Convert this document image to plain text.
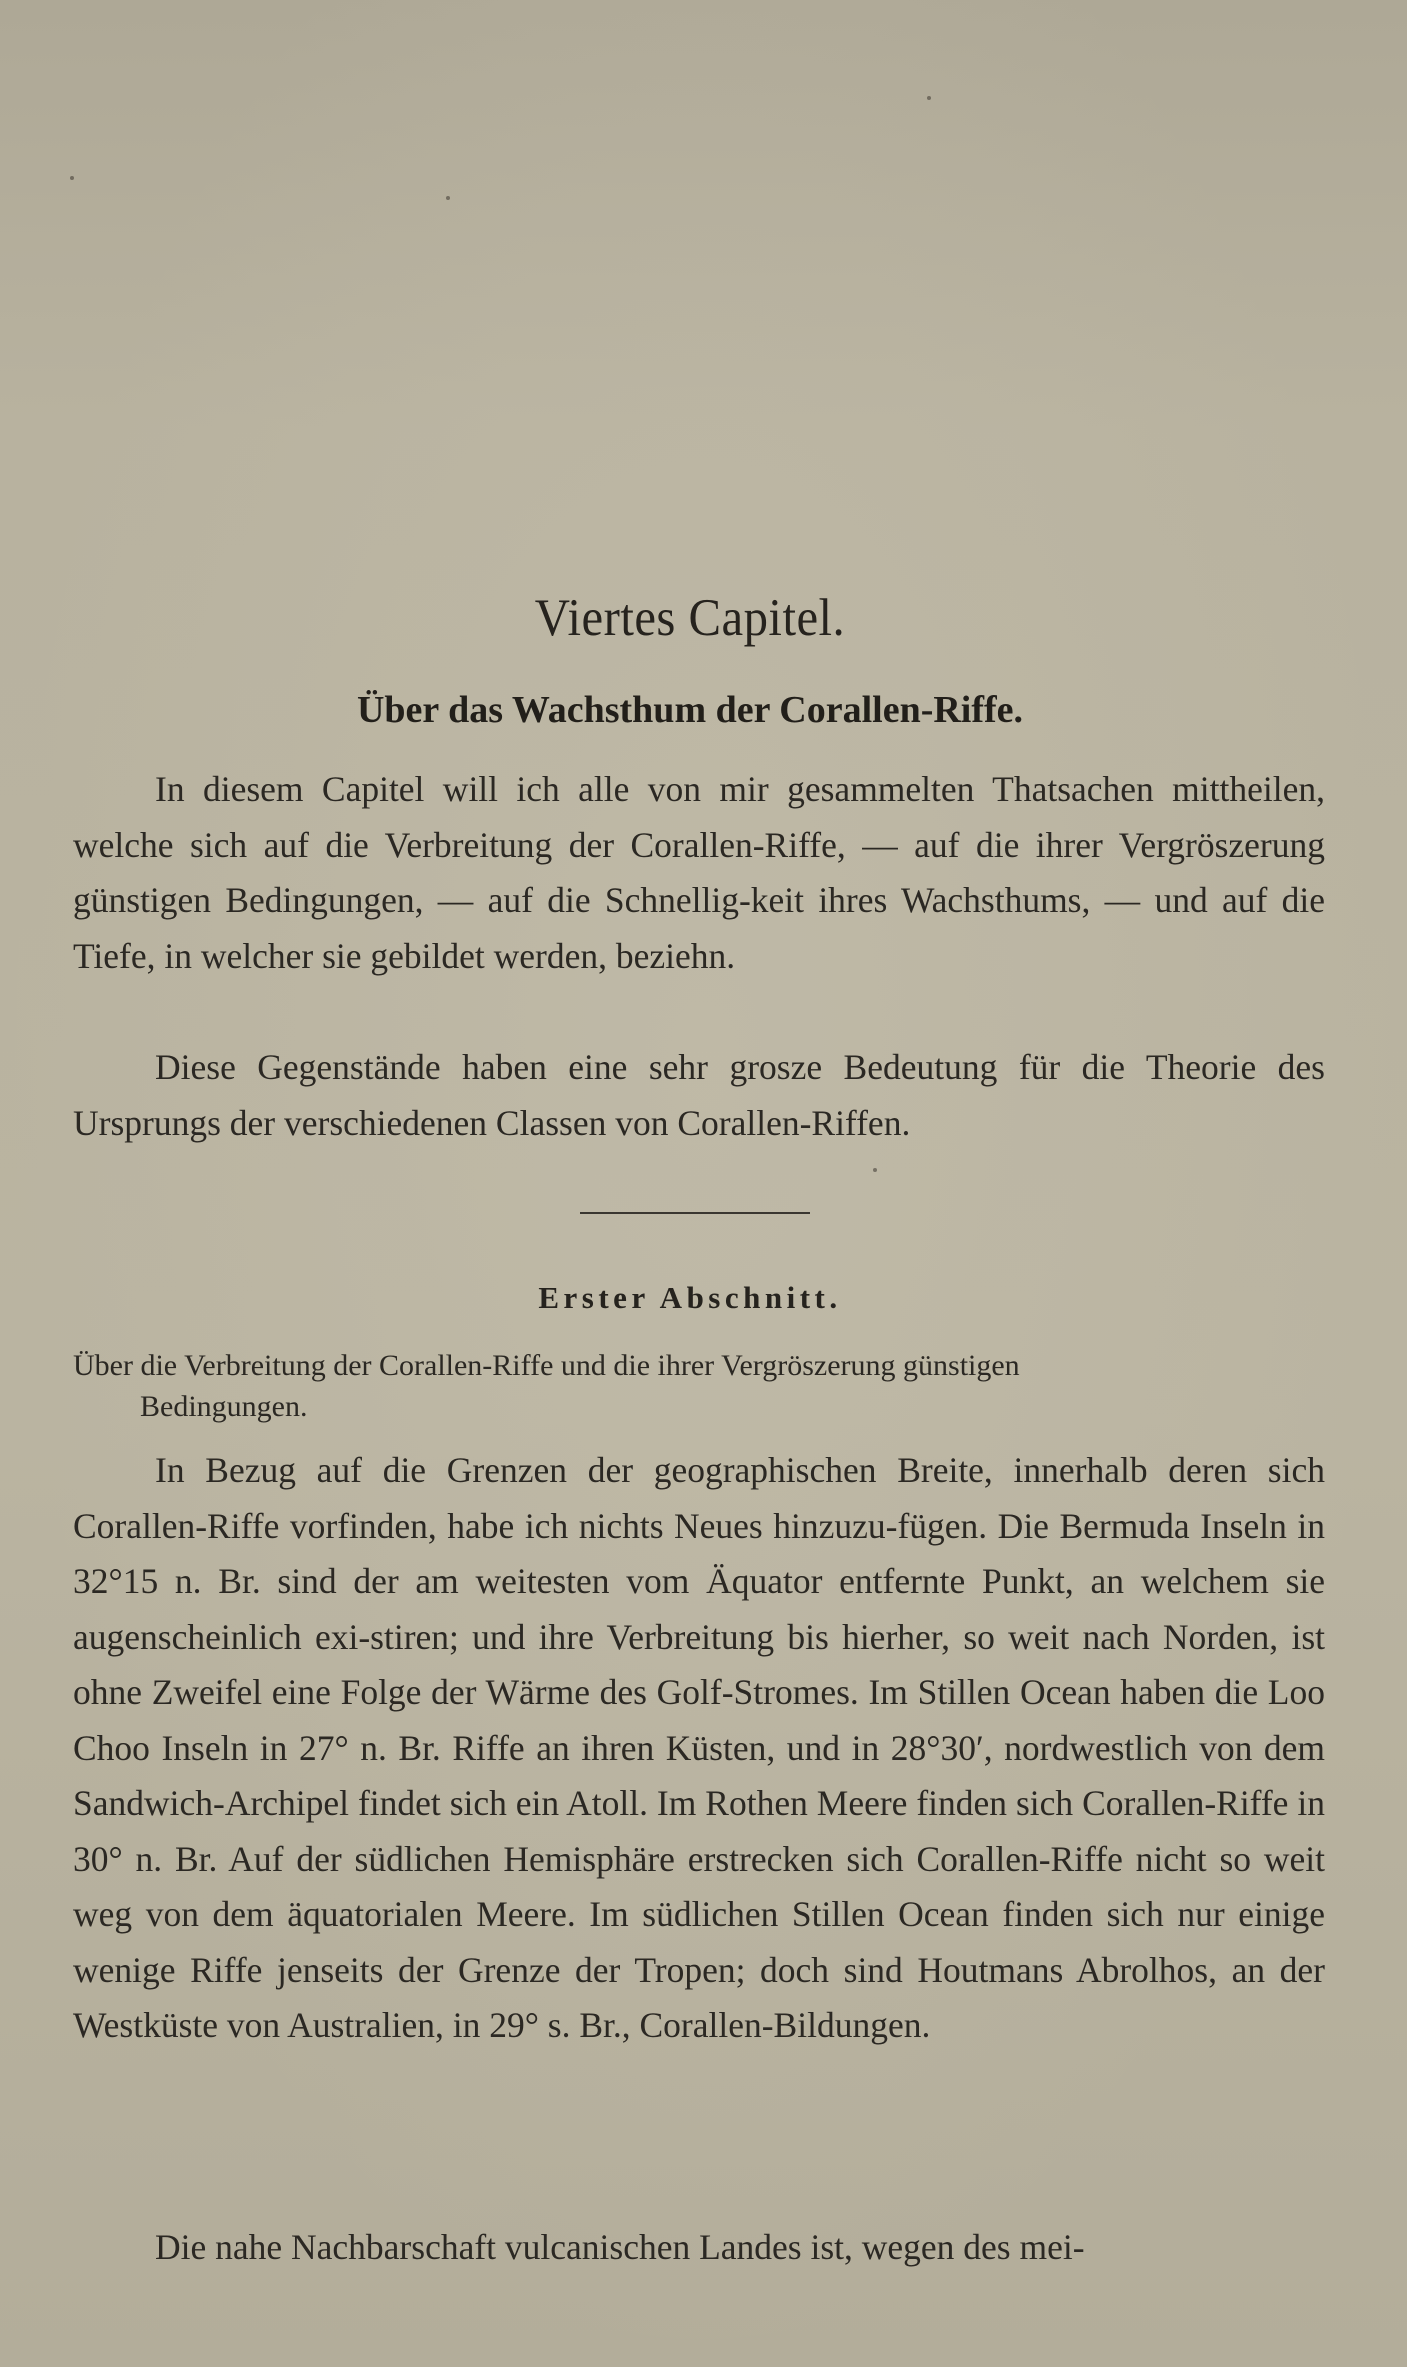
Viertes Capitel.
Über das Wachsthum der Corallen-Riffe.

In diesem Capitel will ich alle von mir gesammelten Thatsachen mittheilen, welche sich auf die Verbreitung der Corallen-Riffe, — auf die ihrer Vergröszerung günstigen Bedingungen, — auf die Schnellig-keit ihres Wachsthums, — und auf die Tiefe, in welcher sie gebildet werden, beziehn.

Diese Gegenstände haben eine sehr grosze Bedeutung für die Theorie des Ursprungs der verschiedenen Classen von Corallen-Riffen.

Erster Abschnitt.
Über die Verbreitung der Corallen-Riffe und die ihrer Vergröszerung günstigen
Bedingungen.

In Bezug auf die Grenzen der geographischen Breite, innerhalb deren sich Corallen-Riffe vorfinden, habe ich nichts Neues hinzuzu-fügen. Die Bermuda Inseln in 32°15 n. Br. sind der am weitesten vom Äquator entfernte Punkt, an welchem sie augenscheinlich exi-stiren; und ihre Verbreitung bis hierher, so weit nach Norden, ist ohne Zweifel eine Folge der Wärme des Golf-Stromes. Im Stillen Ocean haben die Loo Choo Inseln in 27° n. Br. Riffe an ihren Küsten, und in 28°30′, nordwestlich von dem Sandwich-Archipel findet sich ein Atoll. Im Rothen Meere finden sich Corallen-Riffe in 30° n. Br. Auf der südlichen Hemisphäre erstrecken sich Corallen-Riffe nicht so weit weg von dem äquatorialen Meere. Im südlichen Stillen Ocean finden sich nur einige wenige Riffe jenseits der Grenze der Tropen; doch sind Houtmans Abrolhos, an der Westküste von Australien, in 29° s. Br., Corallen-Bildungen.

Die nahe Nachbarschaft vulcanischen Landes ist, wegen des mei-
